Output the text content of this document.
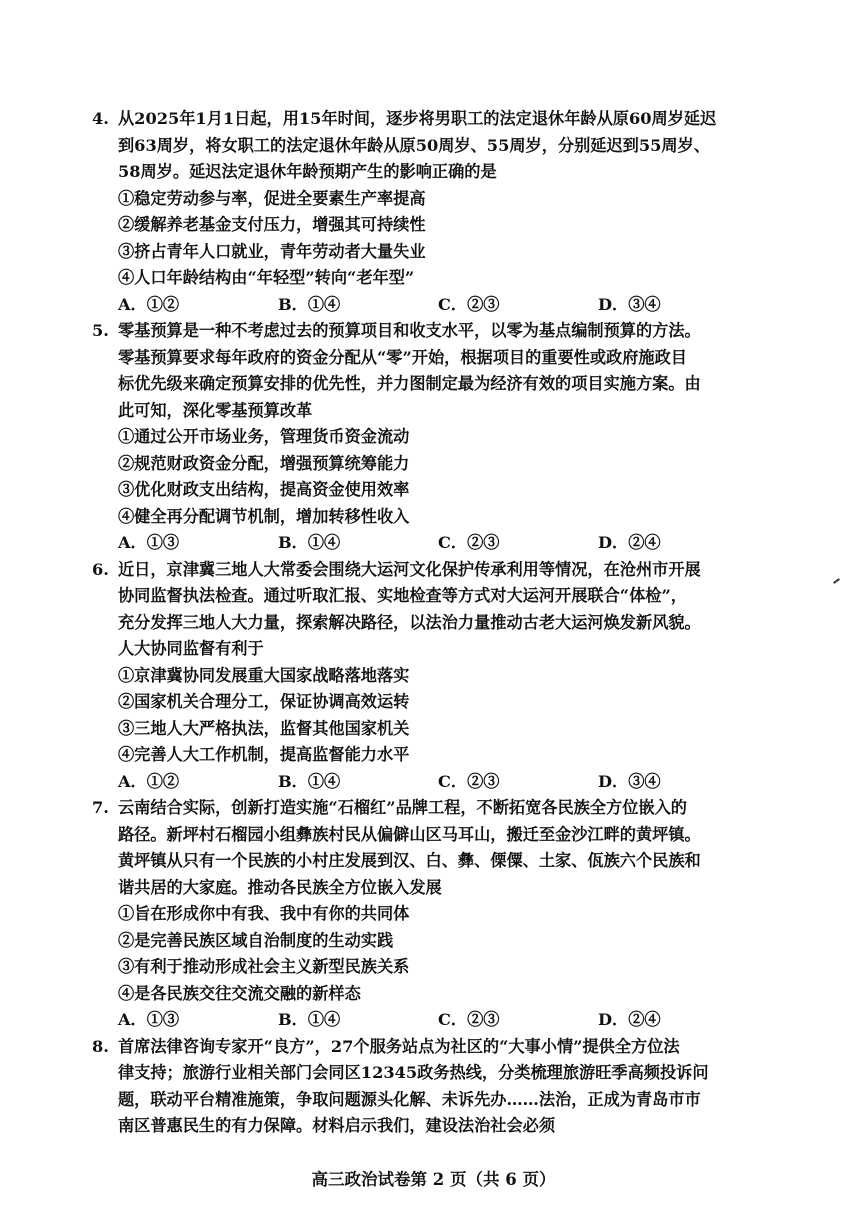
4. 从2025年1月1日起，用15年时间，逐步将男职工的法定退休年龄从原60周岁延迟
到63周岁，将女职工的法定退休年龄从原50周岁、55周岁，分别延迟到55周岁、
58周岁。延迟法定退休年龄预期产生的影响正确的是
①稳定劳动参与率，促进全要素生产率提高
②缓解养老基金支付压力，增强其可持续性
③挤占青年人口就业，青年劳动者大量失业
④人口年龄结构由“年轻型”转向“老年型”
A．①②	B．①④	C．②③	D．③④
5. 零基预算是一种不考虑过去的预算项目和收支水平，以零为基点编制预算的方法。
零基预算要求每年政府的资金分配从“零”开始，根据项目的重要性或政府施政目
标优先级来确定预算安排的优先性，并力图制定最为经济有效的项目实施方案。由
此可知，深化零基预算改革
①通过公开市场业务，管理货币资金流动
②规范财政资金分配，增强预算统筹能力
③优化财政支出结构，提高资金使用效率
④健全再分配调节机制，增加转移性收入
A．①③	B．①④	C．②③	D．②④
6. 近日，京津冀三地人大常委会围绕大运河文化保护传承利用等情况，在沧州市开展
协同监督执法检查。通过听取汇报、实地检查等方式对大运河开展联合“体检”，
充分发挥三地人大力量，探索解决路径，以法治力量推动古老大运河焕发新风貌。
人大协同监督有利于
①京津冀协同发展重大国家战略落地落实
②国家机关合理分工，保证协调高效运转
③三地人大严格执法，监督其他国家机关
④完善人大工作机制，提高监督能力水平
A．①②	B．①④	C．②③	D．③④
7. 云南结合实际，创新打造实施“石榴红”品牌工程，不断拓宽各民族全方位嵌入的
路径。新坪村石榴园小组彝族村民从偏僻山区马耳山，搬迁至金沙江畔的黄坪镇。
黄坪镇从只有一个民族的小村庄发展到汉、白、彝、傈僳、土家、佤族六个民族和
谐共居的大家庭。推动各民族全方位嵌入发展
①旨在形成你中有我、我中有你的共同体
②是完善民族区域自治制度的生动实践
③有利于推动形成社会主义新型民族关系
④是各民族交往交流交融的新样态
A．①③	B．①④	C．②③	D．②④
8. 首席法律咨询专家开“良方”，27个服务站点为社区的“大事小情”提供全方位法
律支持；旅游行业相关部门会同区12345政务热线，分类梳理旅游旺季高频投诉问
题，联动平台精准施策，争取问题源头化解、未诉先办……法治，正成为青岛市市
南区普惠民生的有力保障。材料启示我们，建设法治社会必须
高三政治试卷第 2 页（共 6 页）
